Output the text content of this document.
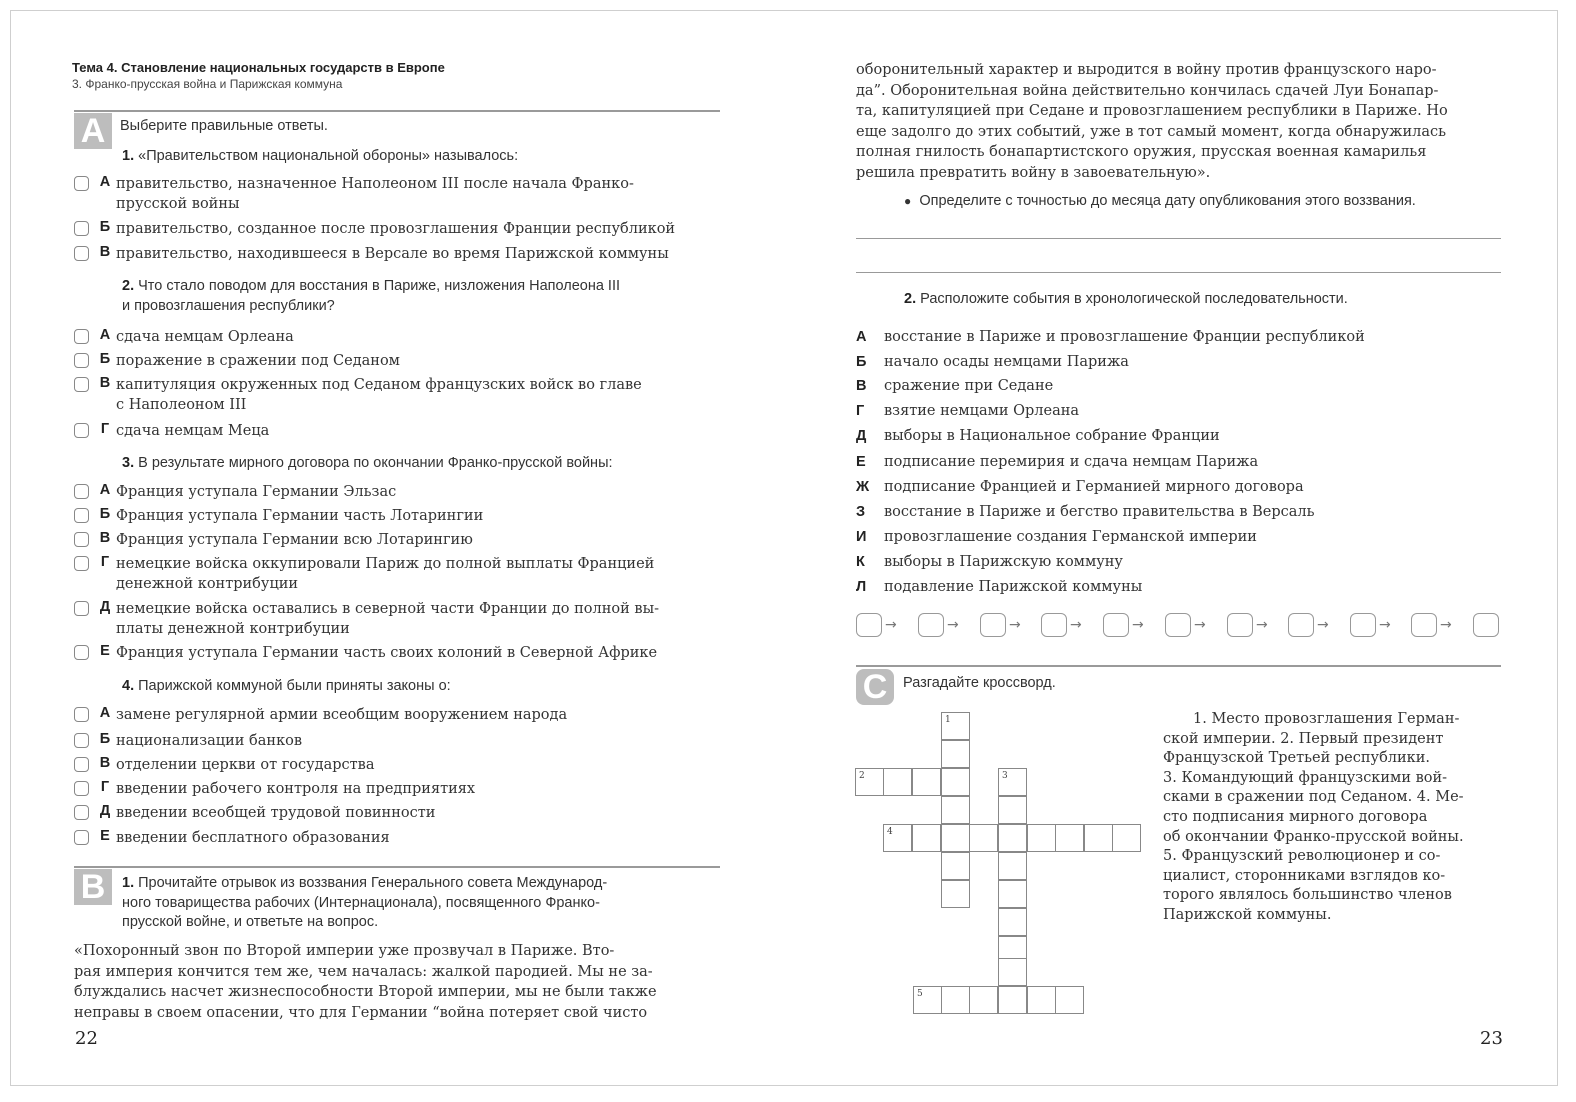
Тема 4. Становление национальных государств в Европе
3. Франко-прусская война и Парижская коммуна
А	Выберите правильные ответы.
1. «Правительством национальной обороны» называлось:
А правительство, назначенное Наполеоном III после начала Франко-
прусской войны
Б правительство, созданное после провозглашения Франции республикой
В правительство, находившееся в Версале во время Парижской коммуны
2. Что стало поводом для восстания в Париже, низложения Наполеона III
и провозглашения республики?
А сдача немцам Орлеана
Б поражение в сражении под Седаном
В капитуляция окруженных под Седаном французских войск во главе
с Наполеоном III
Г сдача немцам Меца
3. В результате мирного договора по окончании Франко-прусской войны:
А Франция уступала Германии Эльзас
Б Франция уступала Германии часть Лотарингии
В Франция уступала Германии всю Лотарингию
Г немецкие войска оккупировали Париж до полной выплаты Францией
денежной контрибуции
Д немецкие войска оставались в северной части Франции до полной вы-
платы денежной контрибуции
Е Франция уступала Германии часть своих колоний в Северной Африке
4. Парижской коммуной были приняты законы о:
А замене регулярной армии всеобщим вооружением народа
Б национализации банков
В отделении церкви от государства
Г введении рабочего контроля на предприятиях
Д введении всеобщей трудовой повинности
Е введении бесплатного образования
В	1. Прочитайте отрывок из воззвания Генерального совета Международ-
ного товарищества рабочих (Интернационала), посвященного Франко-
прусской войне, и ответьте на вопрос.
«Похоронный звон по Второй империи уже прозвучал в Париже. Вто-
рая империя кончится тем же, чем началась: жалкой пародией. Мы не за-
блуждались насчет жизнеспособности Второй империи, мы не были также
неправы в своем опасении, что для Германии “война потеряет свой чисто
22
оборонительный характер и выродится в войну против французского наро-
да”. Оборонительная война действительно кончилась сдачей Луи Бонапар-
та, капитуляцией при Седане и провозглашением республики в Париже. Но
еще задолго до этих событий, уже в тот самый момент, когда обнаружилась
полная гнилость бонапартистского оружия, прусская военная камарилья
решила превратить войну в завоевательную».
● Определите с точностью до месяца дату опубликования этого воззвания.
2. Расположите события в хронологической последовательности.
А	восстание в Париже и провозглашение Франции республикой
Б	начало осады немцами Парижа
В	сражение при Седане
Г	взятие немцами Орлеана
Д	выборы в Национальное собрание Франции
Е	подписание перемирия и сдача немцам Парижа
Ж	подписание Францией и Германией мирного договора
З	восстание в Париже и бегство правительства в Версаль
И	провозглашение создания Германской империи
К	выборы в Парижскую коммуну
Л	подавление Парижской коммуны
→	→	→	→	→	→	→	→	→	→
С	Разгадайте кроссворд.
1
2	3
4
5
1. Место провозглашения Герман-
ской империи. 2. Первый президент
Французской Третьей республики.
3. Командующий французскими вой-
сками в сражении под Седаном. 4. Ме-
сто подписания мирного договора
об окончании Франко-прусской войны.
5. Французский революционер и со-
циалист, сторонниками взглядов ко-
торого являлось большинство членов
Парижской коммуны.
23
